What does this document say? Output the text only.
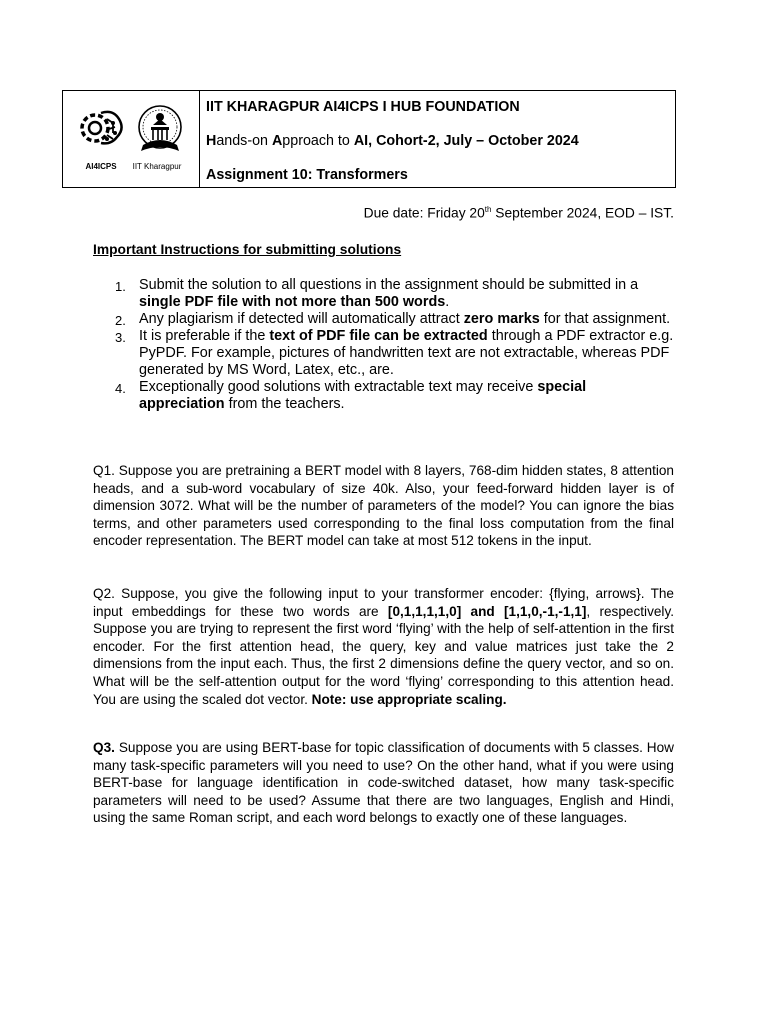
AI4ICPS	IIT Kharagpur
IIT KHARAGPUR AI4ICPS I HUB FOUNDATION
Hands-on Approach to AI, Cohort-2, July – October 2024
Assignment 10: Transformers
Due date: Friday 20th September 2024, EOD – IST.
Important Instructions for submitting solutions
1. Submit the solution to all questions in the assignment should be submitted in a single PDF file with not more than 500 words.
2. Any plagiarism if detected will automatically attract zero marks for that assignment.
3. It is preferable if the text of PDF file can be extracted through a PDF extractor e.g. PyPDF. For example, pictures of handwritten text are not extractable, whereas PDF generated by MS Word, Latex, etc., are.
4. Exceptionally good solutions with extractable text may receive special appreciation from the teachers.

Q1. Suppose you are pretraining a BERT model with 8 layers, 768-dim hidden states, 8 attention heads, and a sub-word vocabulary of size 40k. Also, your feed-forward hidden layer is of dimension 3072. What will be the number of parameters of the model? You can ignore the bias terms, and other parameters used corresponding to the final loss computation from the final encoder representation. The BERT model can take at most 512 tokens in the input.

Q2. Suppose, you give the following input to your transformer encoder: {flying, arrows}. The input embeddings for these two words are [0,1,1,1,1,0] and [1,1,0,-1,-1,1], respectively. Suppose you are trying to represent the first word ‘flying’ with the help of self-attention in the first encoder. For the first attention head, the query, key and value matrices just take the 2 dimensions from the input each. Thus, the first 2 dimensions define the query vector, and so on. What will be the self-attention output for the word ‘flying’ corresponding to this attention head. You are using the scaled dot vector. Note: use appropriate scaling.

Q3. Suppose you are using BERT-base for topic classification of documents with 5 classes. How many task-specific parameters will you need to use? On the other hand, what if you were using BERT-base for language identification in code-switched dataset, how many task-specific parameters will need to be used? Assume that there are two languages, English and Hindi, using the same Roman script, and each word belongs to exactly one of these languages.
